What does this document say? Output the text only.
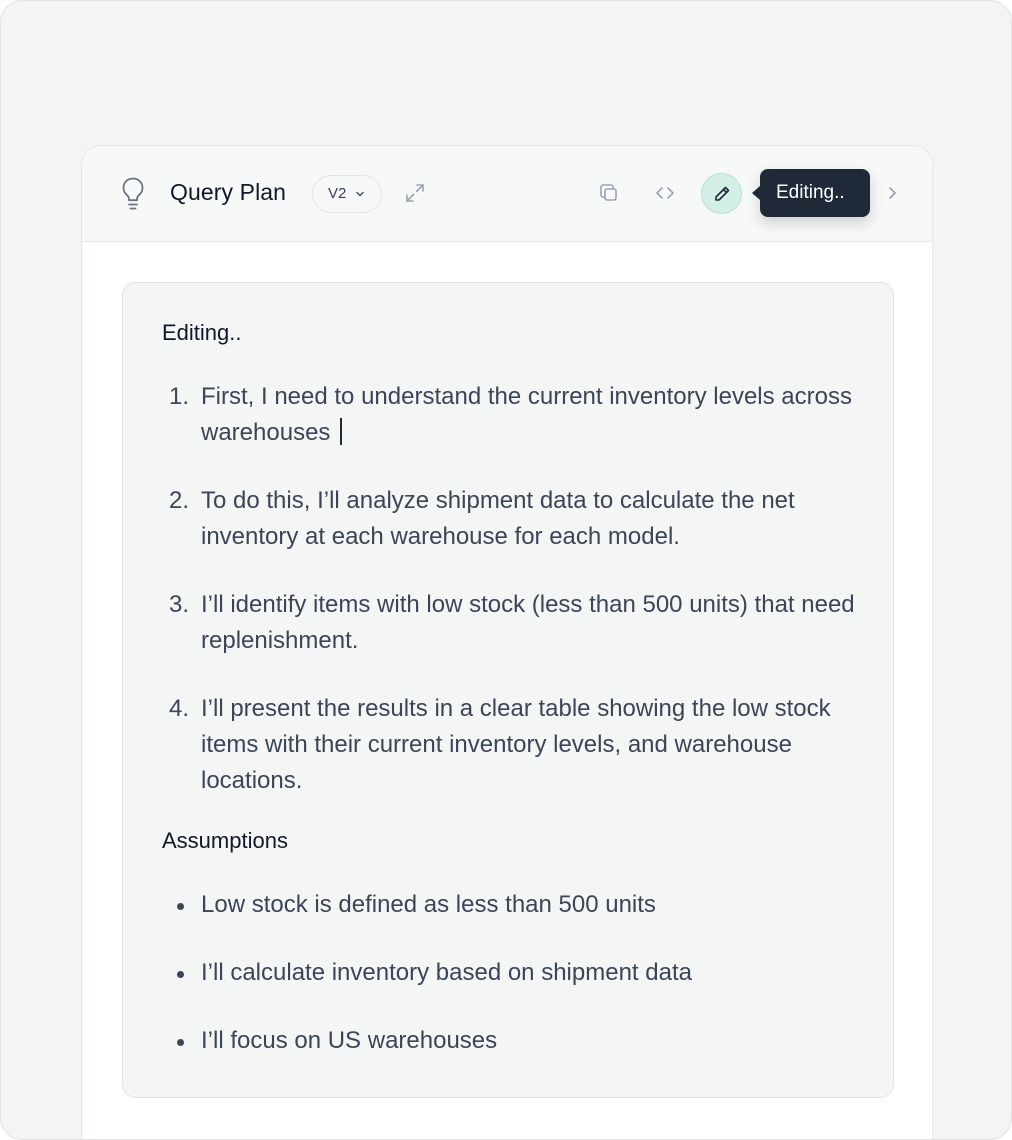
Query Plan	V2	Editing..
Editing..
1. First, I need to understand the current inventory levels across warehouses
2. To do this, I’ll analyze shipment data to calculate the net inventory at each warehouse for each model.
3. I’ll identify items with low stock (less than 500 units) that need replenishment.
4. I’ll present the results in a clear table showing the low stock items with their current inventory levels, and warehouse locations.
Assumptions
Low stock is defined as less than 500 units
I’ll calculate inventory based on shipment data
I’ll focus on US warehouses
